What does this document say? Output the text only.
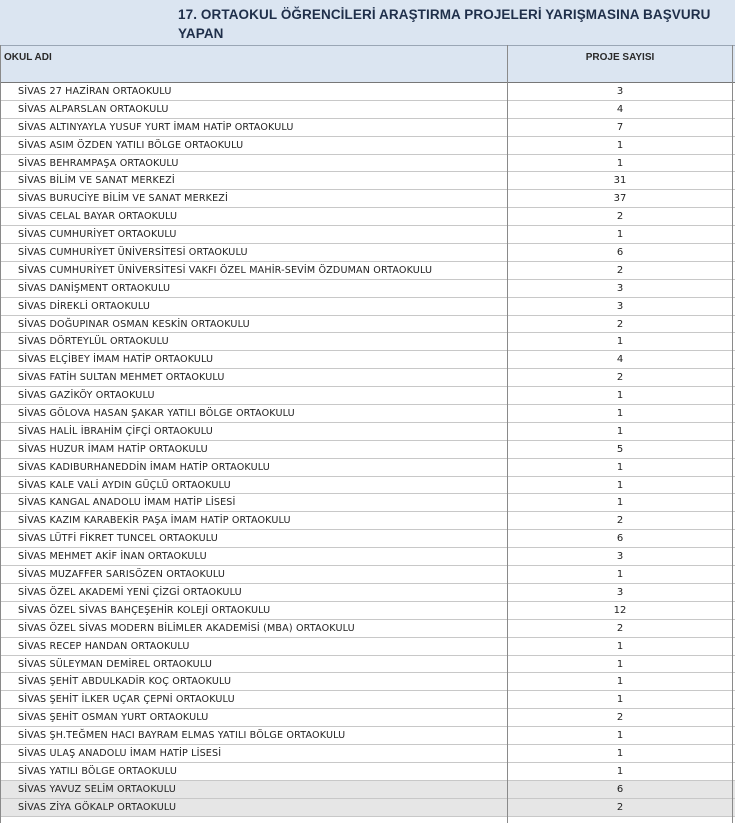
17. ORTAOKUL ÖĞRENCİLERİ ARAŞTIRMA PROJELERİ YARIŞMASINA BAŞVURU YAPAN
OKUL ADI	PROJE SAYISI
SİVAS 27 HAZİRAN ORTAOKULU	3
SİVAS ALPARSLAN ORTAOKULU	4
SİVAS ALTINYAYLA YUSUF YURT İMAM HATİP ORTAOKULU	7
SİVAS ASIM ÖZDEN YATILI BÖLGE ORTAOKULU	1
SİVAS BEHRAMPAŞA ORTAOKULU	1
SİVAS BİLİM VE SANAT MERKEZİ	31
SİVAS BURUCİYE BİLİM VE SANAT MERKEZİ	37
SİVAS CELAL BAYAR ORTAOKULU	2
SİVAS CUMHURİYET ORTAOKULU	1
SİVAS CUMHURİYET ÜNİVERSİTESİ ORTAOKULU	6
SİVAS CUMHURİYET ÜNİVERSİTESİ VAKFI ÖZEL MAHİR-SEVİM ÖZDUMAN ORTAOKULU	2
SİVAS DANİŞMENT ORTAOKULU	3
SİVAS DİREKLİ ORTAOKULU	3
SİVAS DOĞUPINAR OSMAN KESKİN ORTAOKULU	2
SİVAS DÖRTEYLÜL ORTAOKULU	1
SİVAS ELÇİBEY İMAM HATİP ORTAOKULU	4
SİVAS FATİH SULTAN MEHMET ORTAOKULU	2
SİVAS GAZİKÖY ORTAOKULU	1
SİVAS GÖLOVA HASAN ŞAKAR YATILI BÖLGE ORTAOKULU	1
SİVAS HALİL İBRAHİM ÇİFÇİ ORTAOKULU	1
SİVAS HUZUR İMAM HATİP ORTAOKULU	5
SİVAS KADIBURHANEDDİN İMAM HATİP ORTAOKULU	1
SİVAS KALE VALİ AYDIN GÜÇLÜ ORTAOKULU	1
SİVAS KANGAL ANADOLU İMAM HATİP LİSESİ	1
SİVAS KAZIM KARABEKİR PAŞA İMAM HATİP ORTAOKULU	2
SİVAS LÜTFİ FİKRET TUNCEL ORTAOKULU	6
SİVAS MEHMET AKİF İNAN ORTAOKULU	3
SİVAS MUZAFFER SARISÖZEN ORTAOKULU	1
SİVAS ÖZEL AKADEMİ YENİ ÇİZGİ ORTAOKULU	3
SİVAS ÖZEL SİVAS BAHÇEŞEHİR KOLEJİ ORTAOKULU	12
SİVAS ÖZEL SİVAS MODERN BİLİMLER AKADEMİSİ (MBA) ORTAOKULU	2
SİVAS RECEP HANDAN ORTAOKULU	1
SİVAS SÜLEYMAN DEMİREL ORTAOKULU	1
SİVAS ŞEHİT ABDULKADİR KOÇ ORTAOKULU	1
SİVAS ŞEHİT İLKER UÇAR ÇEPNİ ORTAOKULU	1
SİVAS ŞEHİT OSMAN YURT ORTAOKULU	2
SİVAS ŞH.TEĞMEN HACI BAYRAM ELMAS YATILI BÖLGE ORTAOKULU	1
SİVAS ULAŞ ANADOLU İMAM HATİP LİSESİ	1
SİVAS YATILI BÖLGE ORTAOKULU	1
SİVAS YAVUZ SELİM ORTAOKULU	6
SİVAS ZİYA GÖKALP ORTAOKULU	2
